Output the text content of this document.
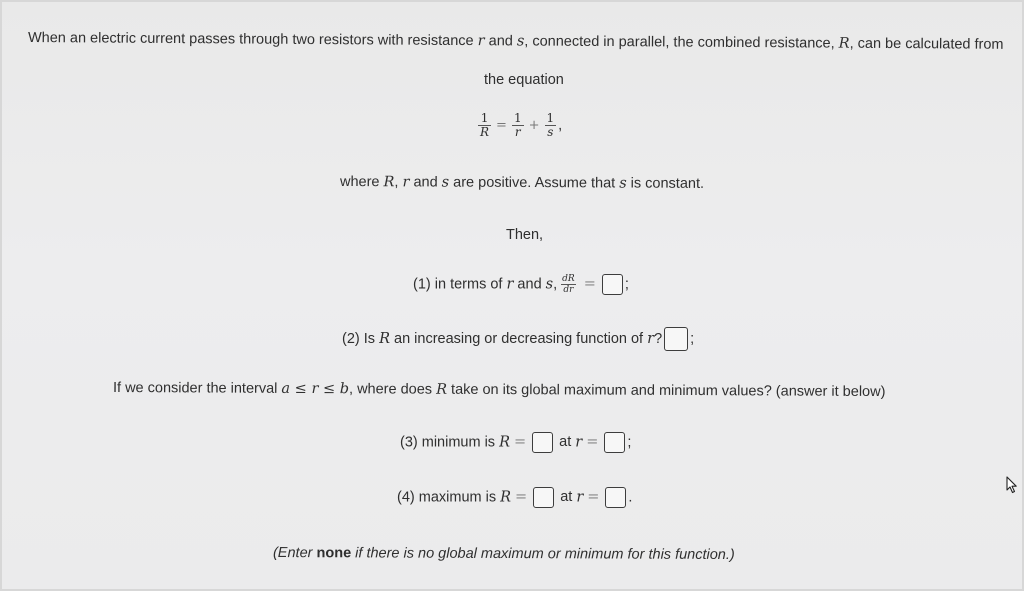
When an electric current passes through two resistors with resistance r and s, connected in parallel, the combined resistance, R, can be calculated from
the equation
$\frac{1}{R} = \frac{1}{r} + \frac{1}{s}$ ,
where R, r and s are positive. Assume that s is constant.
Then,
(1) in terms of r and s, $\frac{dR}{dr}$ = ;
(2) Is R an increasing or decreasing function of r? ;
If we consider the interval a ≤ r ≤ b, where does R take on its global maximum and minimum values? (answer it below)
(3) minimum is R = at r = ;
(4) maximum is R = at r = .
(Enter none if there is no global maximum or minimum for this function.)
